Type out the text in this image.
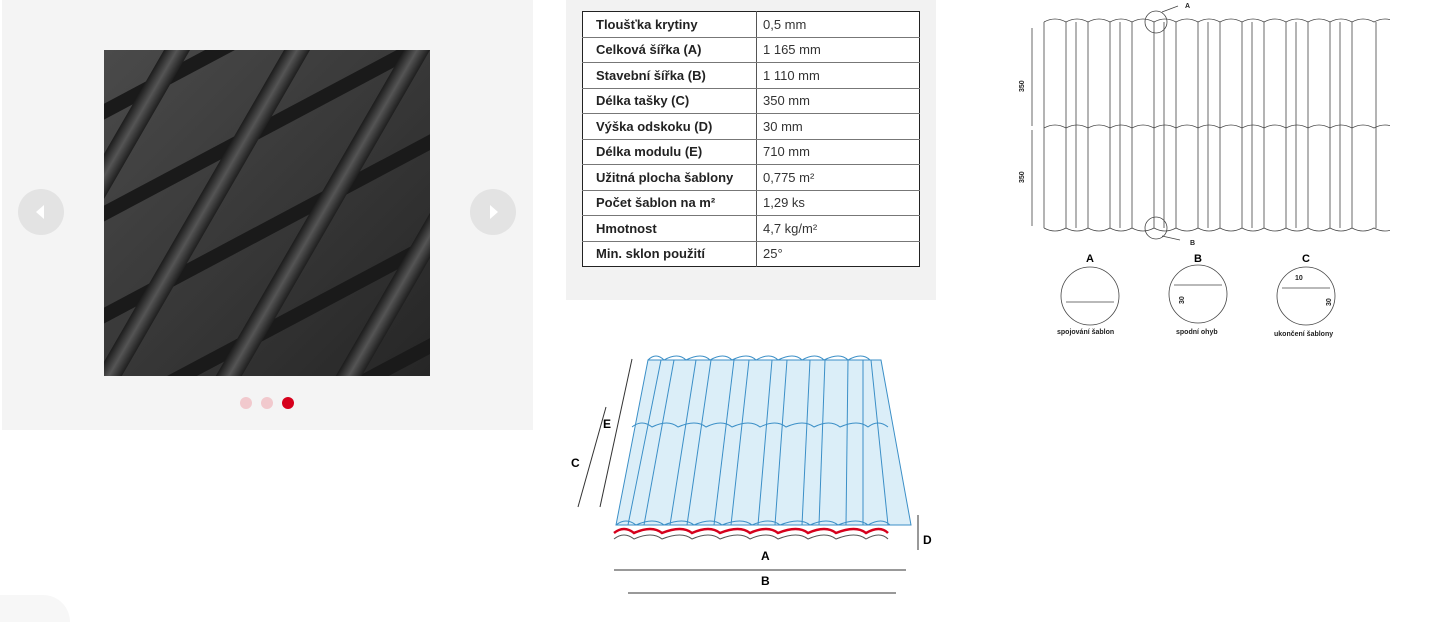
Tloušťka krytiny	0,5 mm
Celková šířka (A)	1 165 mm
Stavební šířka (B)	1 110 mm
Délka tašky (C)	350 mm
Výška odskoku (D)	30 mm
Délka modulu (E)	710 mm
Užitná plocha šablony	0,775 m²
Počet šablon na m²	1,29 ks
Hmotnost	4,7 kg/m²
Min. sklon použití	25°
A
B
C
E
D
A
B
350
350
A	B	C
30
10
30
spojování šablon	spodní ohyb	ukončení šablony
